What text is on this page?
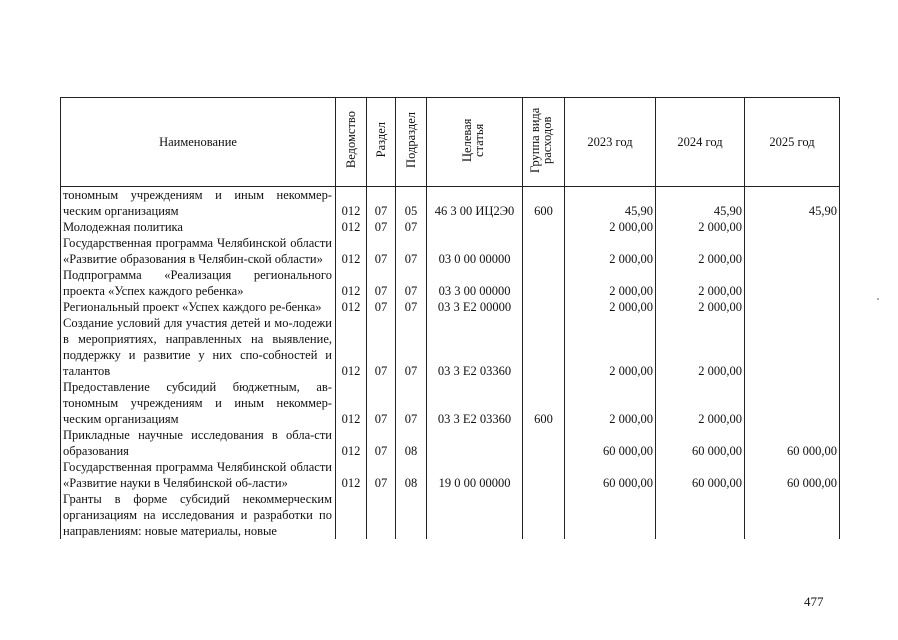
Наименование	Ведомство	Раздел	Подраздел	Целевая статья	Группа вида расходов	2023 год	2024 год	2025 год
тономным учреждениям и иным некоммер-ческим организациям	012	07	05	46 3 00 ИЦ2Э0	600	45,90	45,90	45,90
Молодежная политика	012	07	07			2 000,00	2 000,00	
Государственная программа Челябинской области «Развитие образования в Челябин-ской области»	012	07	07	03 0 00 00000		2 000,00	2 000,00	
Подпрограмма «Реализация регионального проекта «Успех каждого ребенка»	012	07	07	03 3 00 00000		2 000,00	2 000,00	
Региональный проект «Успех каждого ре-бенка»	012	07	07	03 3 E2 00000		2 000,00	2 000,00	
Создание условий для участия детей и мо-лодежи в мероприятиях, направленных на выявление, поддержку и развитие у них спо-собностей и талантов	012	07	07	03 3 E2 03360		2 000,00	2 000,00	
Предоставление субсидий бюджетным, ав-тономным учреждениям и иным некоммер-ческим организациям	012	07	07	03 3 E2 03360	600	2 000,00	2 000,00	
Прикладные научные исследования в обла-сти образования	012	07	08			60 000,00	60 000,00	60 000,00
Государственная программа Челябинской области «Развитие науки в Челябинской об-ласти»	012	07	08	19 0 00 00000		60 000,00	60 000,00	60 000,00
Гранты в форме субсидий некоммерческим организациям на исследования и разработки по направлениям: новые материалы, новые								
477
